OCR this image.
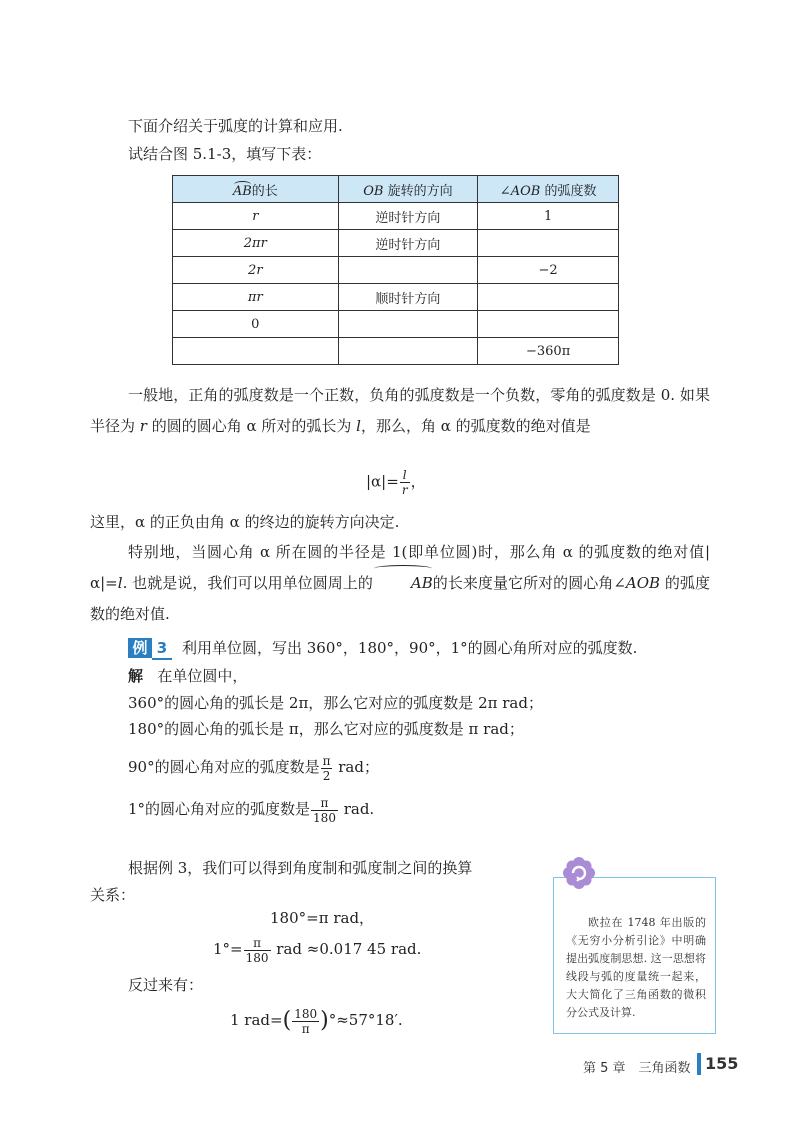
下面介绍关于弧度的计算和应用.
试结合图 5.1-3，填写下表：
AB的长	OB 旋转的方向	∠AOB 的弧度数
r	逆时针方向	1
2πr	逆时针方向	
2r		−2
πr	顺时针方向	
0		
		−360π
一般地，正角的弧度数是一个正数，负角的弧度数是一个负数，零角的弧度数是 0. 如果半径为 r 的圆的圆心角 α 所对的弧长为 l，那么，角 α 的弧度数的绝对值是
$|\alpha|= \frac{l}{r}$ ，
这里，α 的正负由角 α 的终边的旋转方向决定.
特别地，当圆心角 α 所在圆的半径是 1(即单位圆)时，那么角 α 的弧度数的绝对值|α|=l. 也就是说，我们可以用单位圆周上的	AB的长来度量它所对的圆心角∠AOB 的弧度数的绝对值.
例 3 利用单位圆，写出 360°，180°，90°，1°的圆心角所对应的弧度数.
解 在单位圆中，
360°的圆心角的弧长是 2π，那么它对应的弧度数是 2π rad；
180°的圆心角的弧长是 π，那么它对应的弧度数是 π rad；
90°的圆心角对应的弧度数是 $\frac{\pi}{2}$ rad；
1°的圆心角对应的弧度数是 $\frac{\pi}{180}$ rad.
根据例 3，我们可以得到角度制和弧度制之间的换算
关系：
180°=π rad，
$1^\circ= \frac{\pi}{180}$ rad ≈0.017 45 rad.
反过来有：
1 $rad=( \frac{180}{\pi} )^\circ\approx 57^\circ 18'$.
欧拉在 1748 年出版的《无穷小分析引论》中明确提出弧度制思想. 这一思想将线段与弧的度量统一起来，大大简化了三角函数的微积分公式及计算.
第 5 章　三角函数 155
